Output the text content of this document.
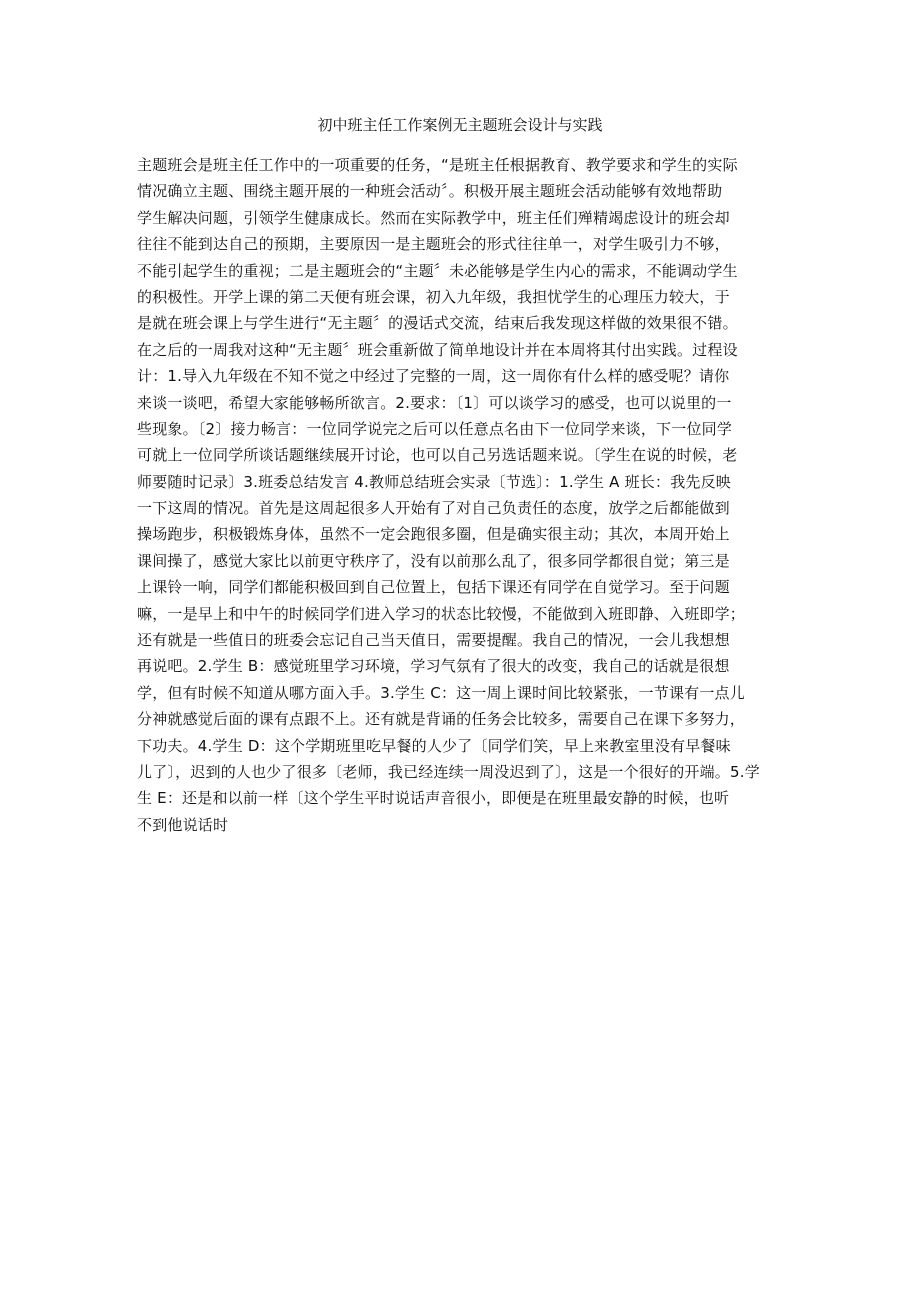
初中班主任工作案例无主题班会设计与实践
主题班会是班主任工作中的一项重要的任务，“是班主任根据教育、教学要求和学生的实际
情况确立主题、围绕主题开展的一种班会活动〞。积极开展主题班会活动能够有效地帮助
学生解决问题，引领学生健康成长。然而在实际教学中，班主任们殚精竭虑设计的班会却
往往不能到达自己的预期，主要原因一是主题班会的形式往往单一，对学生吸引力不够，
不能引起学生的重视；二是主题班会的“主题〞未必能够是学生内心的需求，不能调动学生
的积极性。开学上课的第二天便有班会课，初入九年级，我担忧学生的心理压力较大，于
是就在班会课上与学生进行“无主题〞的漫话式交流，结束后我发现这样做的效果很不错。
在之后的一周我对这种“无主题〞班会重新做了简单地设计并在本周将其付出实践。过程设
计：1.导入九年级在不知不觉之中经过了完整的一周，这一周你有什么样的感受呢？请你
来谈一谈吧，希望大家能够畅所欲言。2.要求：〔1〕可以谈学习的感受，也可以说里的一
些现象。〔2〕接力畅言：一位同学说完之后可以任意点名由下一位同学来谈，下一位同学
可就上一位同学所谈话题继续展开讨论，也可以自己另选话题来说。〔学生在说的时候，老
师要随时记录〕3.班委总结发言 4.教师总结班会实录〔节选〕：1.学生 A 班长：我先反映
一下这周的情况。首先是这周起很多人开始有了对自己负责任的态度，放学之后都能做到
操场跑步，积极锻炼身体，虽然不一定会跑很多圈，但是确实很主动；其次，本周开始上
课间操了，感觉大家比以前更守秩序了，没有以前那么乱了，很多同学都很自觉；第三是
上课铃一响，同学们都能积极回到自己位置上，包括下课还有同学在自觉学习。至于问题
嘛，一是早上和中午的时候同学们进入学习的状态比较慢，不能做到入班即静、入班即学；
还有就是一些值日的班委会忘记自己当天值日，需要提醒。我自己的情况，一会儿我想想
再说吧。2.学生 B：感觉班里学习环境，学习气氛有了很大的改变，我自己的话就是很想
学，但有时候不知道从哪方面入手。3.学生 C：这一周上课时间比较紧张，一节课有一点儿
分神就感觉后面的课有点跟不上。还有就是背诵的任务会比较多，需要自己在课下多努力，
下功夫。4.学生 D：这个学期班里吃早餐的人少了〔同学们笑，早上来教室里没有早餐味
儿了〕，迟到的人也少了很多〔老师，我已经连续一周没迟到了〕，这是一个很好的开端。5.学
生 E：还是和以前一样〔这个学生平时说话声音很小，即便是在班里最安静的时候，也听
不到他说话时
